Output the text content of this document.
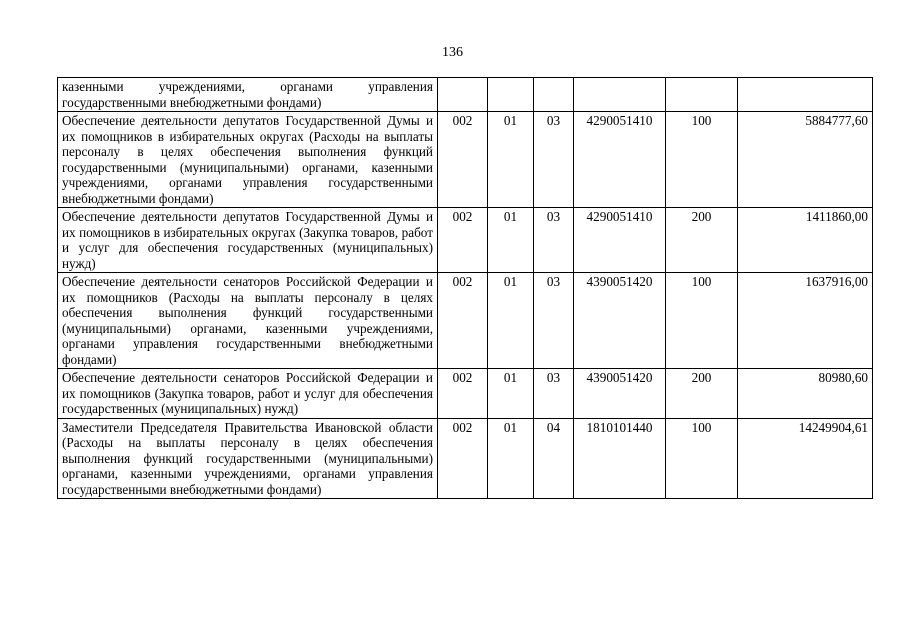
136
казенными учреждениями, органами управления государственными внебюджетными фондами)						
Обеспечение деятельности депутатов Государственной Думы и их помощников в избирательных округах (Расходы на выплаты персоналу в целях обеспечения выполнения функций государственными (муниципальными) органами, казенными учреждениями, органами управления государственными внебюджетными фондами)	002	01	03	4290051410	100	5884777,60
Обеспечение деятельности депутатов Государственной Думы и их помощников в избирательных округах (Закупка товаров, работ и услуг для обеспечения государственных (муниципальных) нужд)	002	01	03	4290051410	200	1411860,00
Обеспечение деятельности сенаторов Российской Федерации и их помощников (Расходы на выплаты персоналу в целях обеспечения выполнения функций государственными (муниципальными) органами, казенными учреждениями, органами управления государственными внебюджетными фондами)	002	01	03	4390051420	100	1637916,00
Обеспечение деятельности сенаторов Российской Федерации и их помощников (Закупка товаров, работ и услуг для обеспечения государственных (муниципальных) нужд)	002	01	03	4390051420	200	80980,60
Заместители Председателя Правительства Ивановской области (Расходы на выплаты персоналу в целях обеспечения выполнения функций государственными (муниципальными) органами, казенными учреждениями, органами управления государственными внебюджетными фондами)	002	01	04	1810101440	100	14249904,61
